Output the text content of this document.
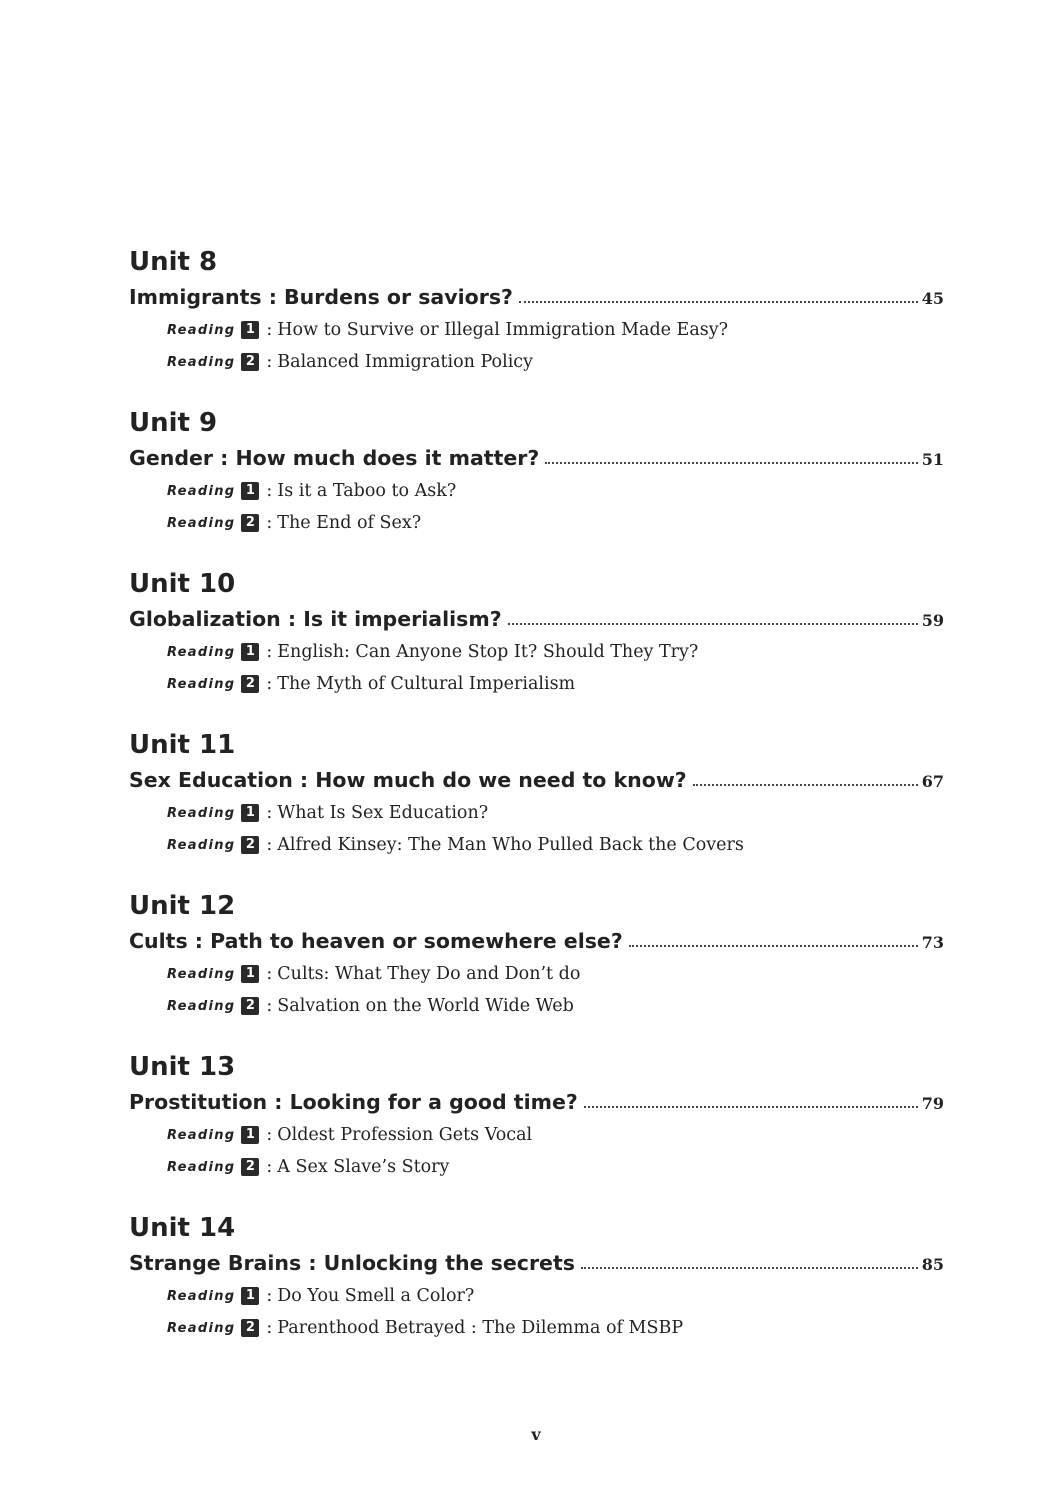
Unit 8
Immigrants : Burdens or saviors?	45
Reading 1 : How to Survive or Illegal Immigration Made Easy?
Reading 2 : Balanced Immigration Policy
Unit 9
Gender : How much does it matter?	51
Reading 1 : Is it a Taboo to Ask?
Reading 2 : The End of Sex?
Unit 10
Globalization : Is it imperialism?	59
Reading 1 : English: Can Anyone Stop It? Should They Try?
Reading 2 : The Myth of Cultural Imperialism
Unit 11
Sex Education : How much do we need to know?	67
Reading 1 : What Is Sex Education?
Reading 2 : Alfred Kinsey: The Man Who Pulled Back the Covers
Unit 12
Cults : Path to heaven or somewhere else?	73
Reading 1 : Cults: What They Do and Don’t do
Reading 2 : Salvation on the World Wide Web
Unit 13
Prostitution : Looking for a good time?	79
Reading 1 : Oldest Profession Gets Vocal
Reading 2 : A Sex Slave’s Story
Unit 14
Strange Brains : Unlocking the secrets	85
Reading 1 : Do You Smell a Color?
Reading 2 : Parenthood Betrayed : The Dilemma of MSBP
v
